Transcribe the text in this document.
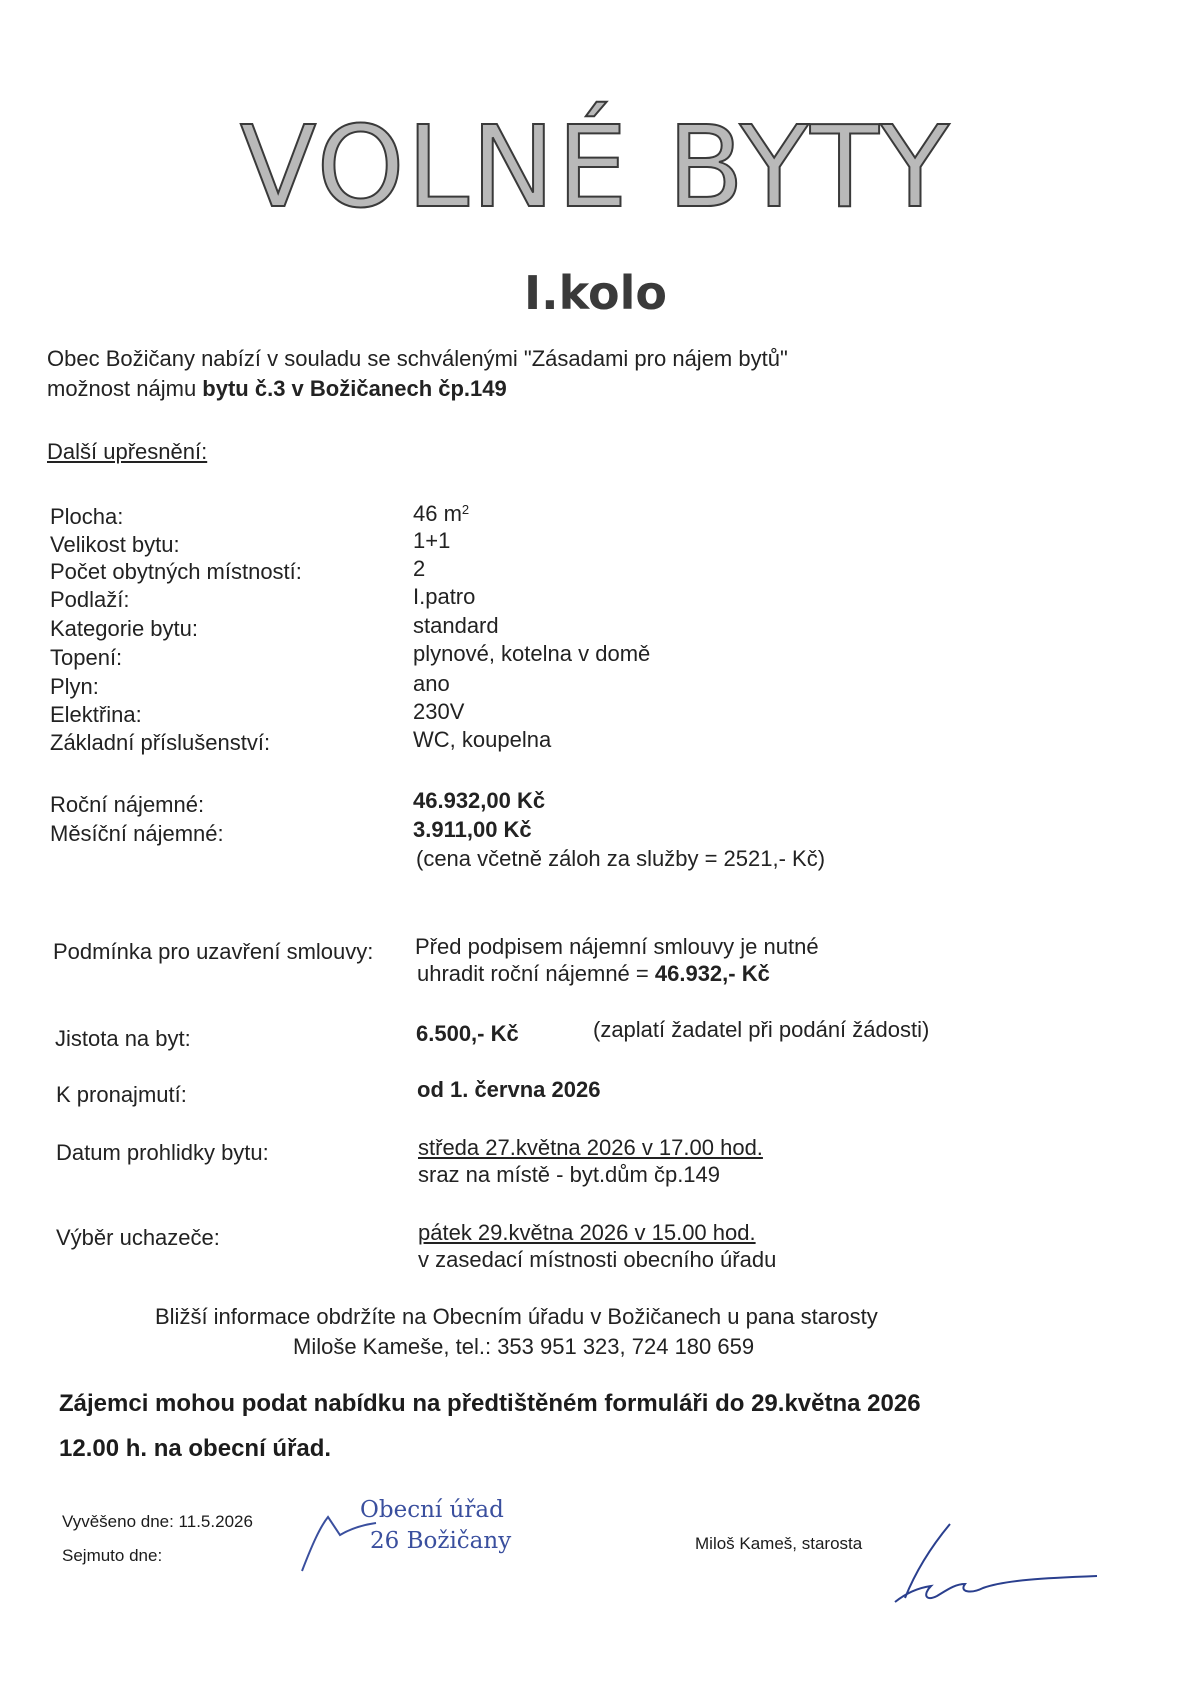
VOLNÉ BYTY
I.kolo
Obec Božičany nabízí v souladu se schválenými "Zásadami pro nájem bytů"
možnost nájmu bytu č.3 v Božičanech čp.149
Další upřesnění:
Plocha:	46 $m^2$
Velikost bytu:	1+1
Počet obytných místností:	2
Podlaží:	I.patro
Kategorie bytu:	standard
Topení:	plynové, kotelna v domě
Plyn:	ano
Elektřina:	230V
Základní příslušenství:	WC, koupelna
Roční nájemné:	46.932,00 Kč
Měsíční nájemné:	3.911,00 Kč
(cena včetně záloh za služby = 2521,- Kč)
Podmínka pro uzavření smlouvy: Před podpisem nájemní smlouvy je nutné
uhradit roční nájemné = 46.932,- Kč
Jistota na byt:	6.500,- Kč	(zaplatí žadatel při podání žádosti)
K pronajmutí:	od 1. června 2026
Datum prohlidky bytu:	středa 27.května 2026 v 17.00 hod.
sraz na místě - byt.dům čp.149
Výběr uchazeče:	pátek 29.května 2026 v 15.00 hod.
v zasedací místnosti obecního úřadu
Bližší informace obdržíte na Obecním úřadu v Božičanech u pana starosty
Miloše Kameše, tel.: 353 951 323, 724 180 659
Zájemci mohou podat nabídku na předtištěném formuláři do 29.května 2026
12.00 h. na obecní úřad.
Vyvěšeno dne: 11.5.2026
Sejmuto dne:
Obecní úřad
26 Božičany	Miloš Kameš, starosta
